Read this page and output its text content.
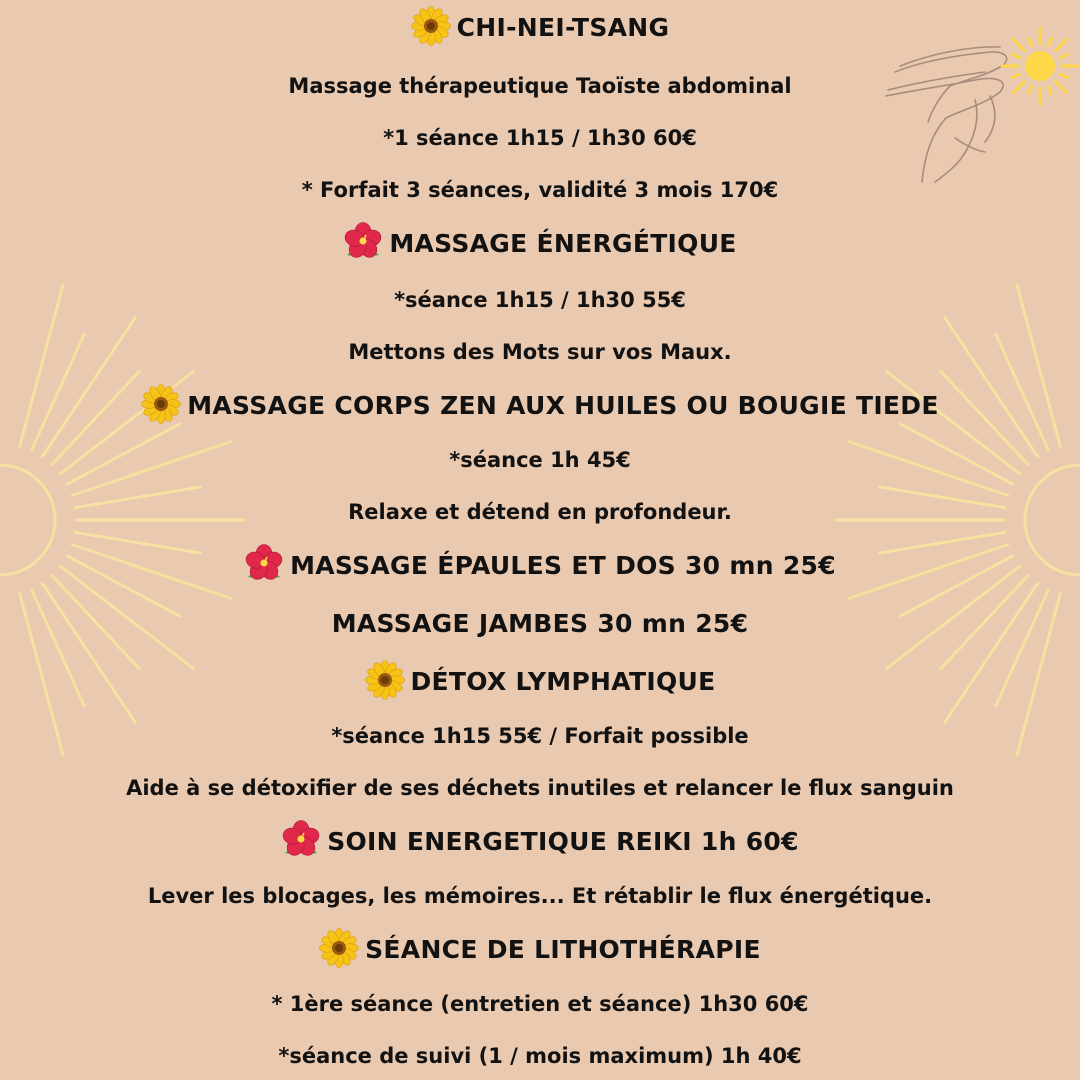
CHI-NEI-TSANG
Massage thérapeutique Taoïste abdominal
*1 séance 1h15 / 1h30 60€
* Forfait 3 séances, validité 3 mois 170€
MASSAGE ÉNERGÉTIQUE
*séance 1h15 / 1h30 55€
Mettons des Mots sur vos Maux.
MASSAGE CORPS ZEN AUX HUILES OU BOUGIE TIEDE
*séance 1h 45€
Relaxe et détend en profondeur.
MASSAGE ÉPAULES ET DOS 30 mn 25€
MASSAGE JAMBES 30 mn 25€
DÉTOX LYMPHATIQUE
*séance 1h15 55€ / Forfait possible
Aide à se détoxifier de ses déchets inutiles et relancer le flux sanguin
SOIN ENERGETIQUE REIKI 1h 60€
Lever les blocages, les mémoires... Et rétablir le flux énergétique.
SÉANCE DE LITHOTHÉRAPIE
* 1ère séance (entretien et séance) 1h30 60€
*séance de suivi (1 / mois maximum) 1h 40€
